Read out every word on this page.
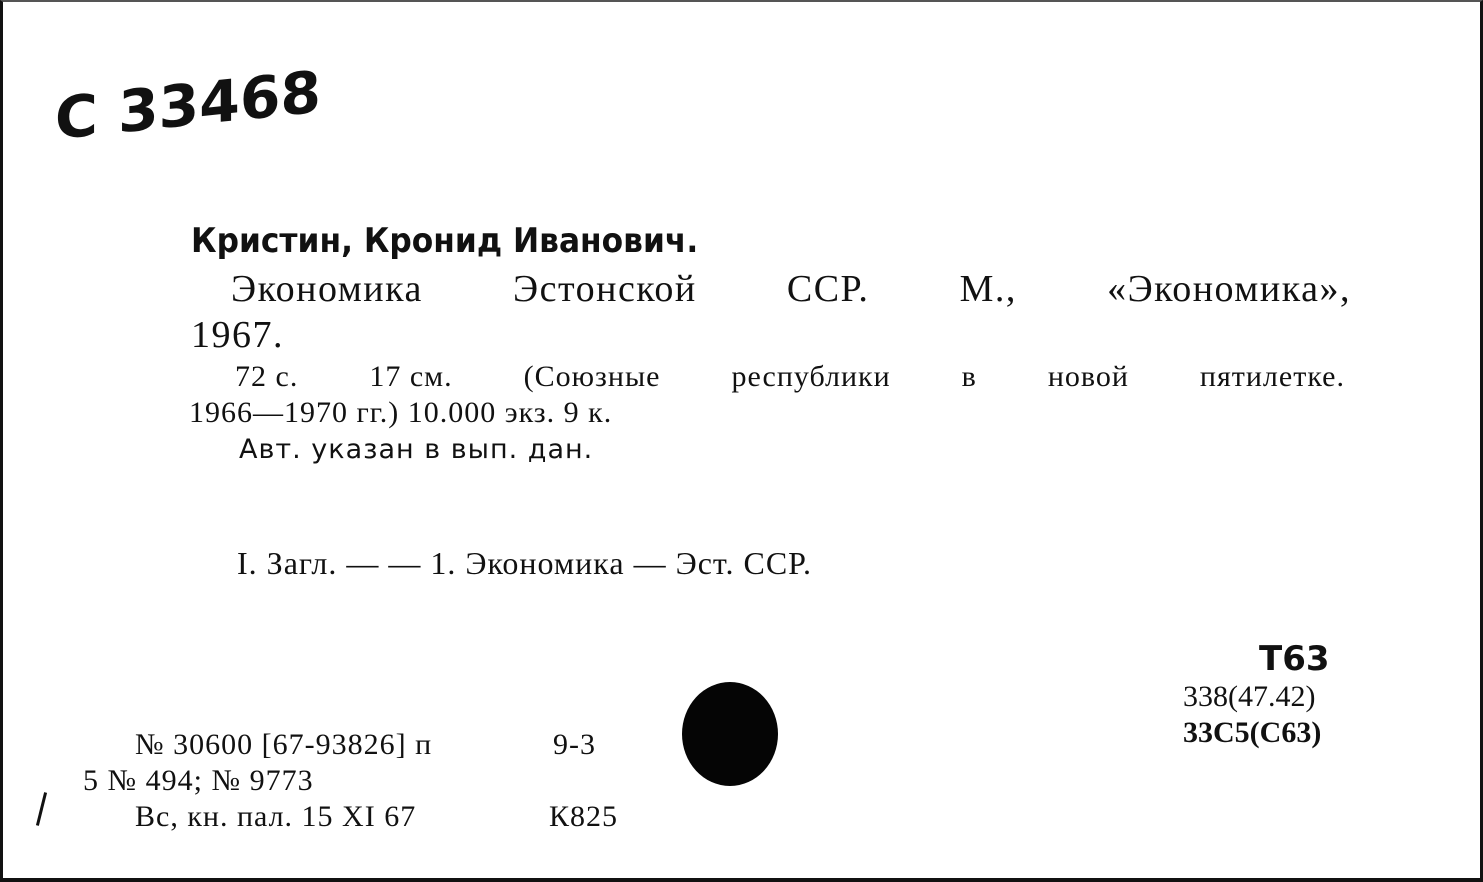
C 33468
Кристин, Кронид Иванович.
Экономика Эстонской ССР. М., «Экономика»,
1967.
72 с. 17 см. (Союзные республики в новой пятилетке.
1966—1970 гг.) 10.000 экз. 9 к.
Авт. указан в вып. дан.
I. Загл. — — 1. Экономика — Эст. ССР.
Т63
338(47.42)
33С5(С63)
№ 30600 [67-93826] п	9-3
5 № 494; № 9773
Вс, кн. пал. 15 XI 67	К825
